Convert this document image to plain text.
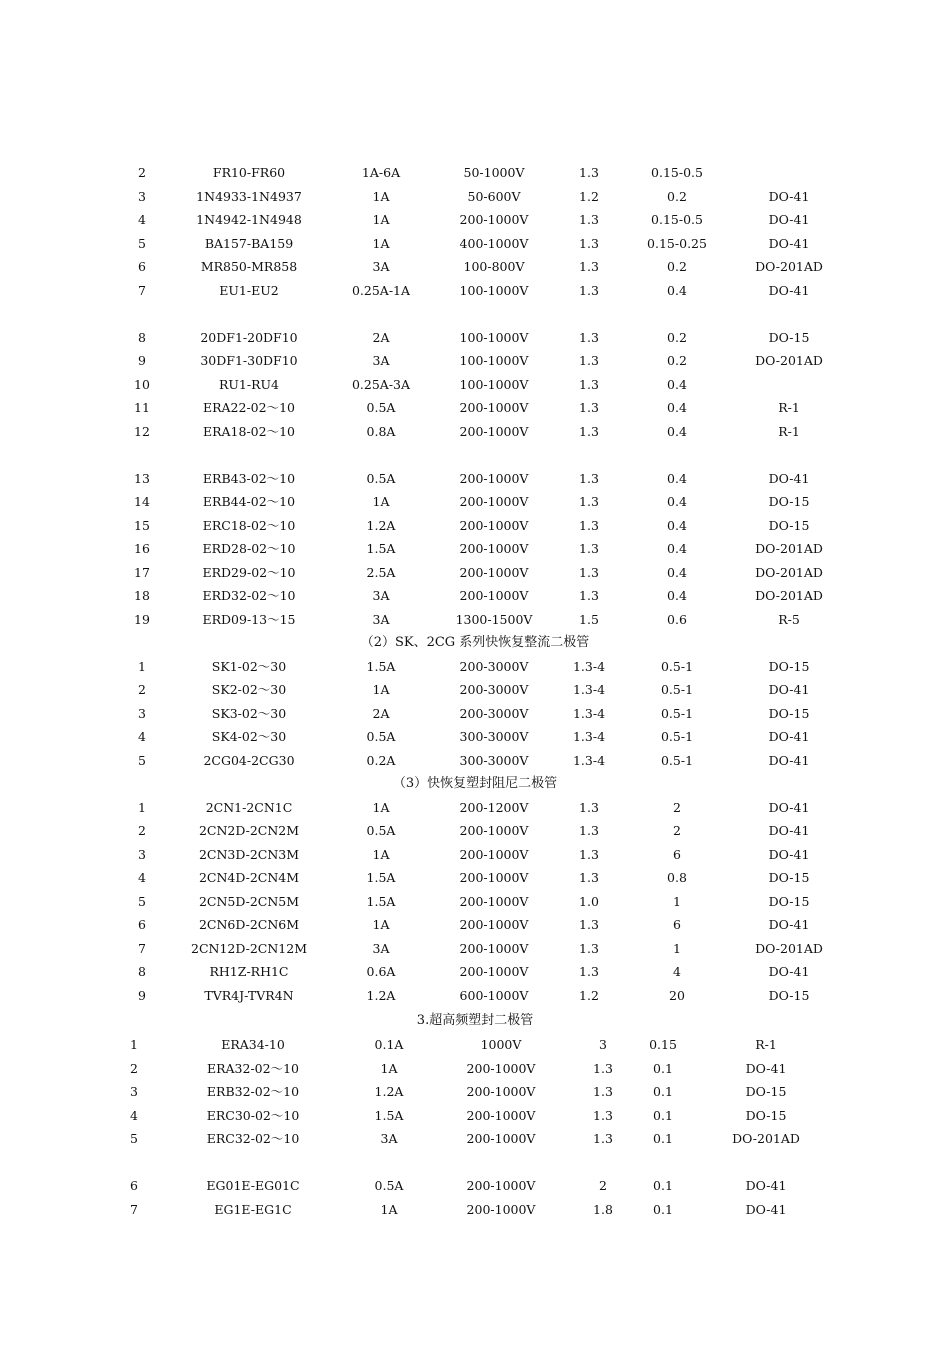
（2）SK、2CG 系列快恢复整流二极管
（3）快恢复塑封阻尼二极管
3.超高频塑封二极管
2	FR10-FR60	1A-6A	50-1000V	1.3	0.15-0.5
3	1N4933-1N4937	1A	50-600V	1.2	0.2	DO-41
4	1N4942-1N4948	1A	200-1000V	1.3	0.15-0.5	DO-41
5	BA157-BA159	1A	400-1000V	1.3	0.15-0.25	DO-41
6	MR850-MR858	3A	100-800V	1.3	0.2	DO-201AD
7	EU1-EU2	0.25A-1A	100-1000V	1.3	0.4	DO-41
8	20DF1-20DF10	2A	100-1000V	1.3	0.2	DO-15
9	30DF1-30DF10	3A	100-1000V	1.3	0.2	DO-201AD
10	RU1-RU4	0.25A-3A	100-1000V	1.3	0.4
11	ERA22-02～10	0.5A	200-1000V	1.3	0.4	R-1
12	ERA18-02～10	0.8A	200-1000V	1.3	0.4	R-1
13	ERB43-02～10	0.5A	200-1000V	1.3	0.4	DO-41
14	ERB44-02～10	1A	200-1000V	1.3	0.4	DO-15
15	ERC18-02～10	1.2A	200-1000V	1.3	0.4	DO-15
16	ERD28-02～10	1.5A	200-1000V	1.3	0.4	DO-201AD
17	ERD29-02～10	2.5A	200-1000V	1.3	0.4	DO-201AD
18	ERD32-02～10	3A	200-1000V	1.3	0.4	DO-201AD
19	ERD09-13～15	3A	1300-1500V	1.5	0.6	R-5
1	SK1-02～30	1.5A	200-3000V	1.3-4	0.5-1	DO-15
2	SK2-02～30	1A	200-3000V	1.3-4	0.5-1	DO-41
3	SK3-02～30	2A	200-3000V	1.3-4	0.5-1	DO-15
4	SK4-02～30	0.5A	300-3000V	1.3-4	0.5-1	DO-41
5	2CG04-2CG30	0.2A	300-3000V	1.3-4	0.5-1	DO-41
1	2CN1-2CN1C	1A	200-1200V	1.3	2	DO-41
2	2CN2D-2CN2M	0.5A	200-1000V	1.3	2	DO-41
3	2CN3D-2CN3M	1A	200-1000V	1.3	6	DO-41
4	2CN4D-2CN4M	1.5A	200-1000V	1.3	0.8	DO-15
5	2CN5D-2CN5M	1.5A	200-1000V	1.0	1	DO-15
6	2CN6D-2CN6M	1A	200-1000V	1.3	6	DO-41
7	2CN12D-2CN12M	3A	200-1000V	1.3	1	DO-201AD
8	RH1Z-RH1C	0.6A	200-1000V	1.3	4	DO-41
9	TVR4J-TVR4N	1.2A	600-1000V	1.2	20	DO-15
1	ERA34-10	0.1A	1000V	3	0.15	R-1
2	ERA32-02～10	1A	200-1000V	1.3	0.1	DO-41
3	ERB32-02～10	1.2A	200-1000V	1.3	0.1	DO-15
4	ERC30-02～10	1.5A	200-1000V	1.3	0.1	DO-15
5	ERC32-02～10	3A	200-1000V	1.3	0.1	DO-201AD
6	EG01E-EG01C	0.5A	200-1000V	2	0.1	DO-41
7	EG1E-EG1C	1A	200-1000V	1.8	0.1	DO-41
